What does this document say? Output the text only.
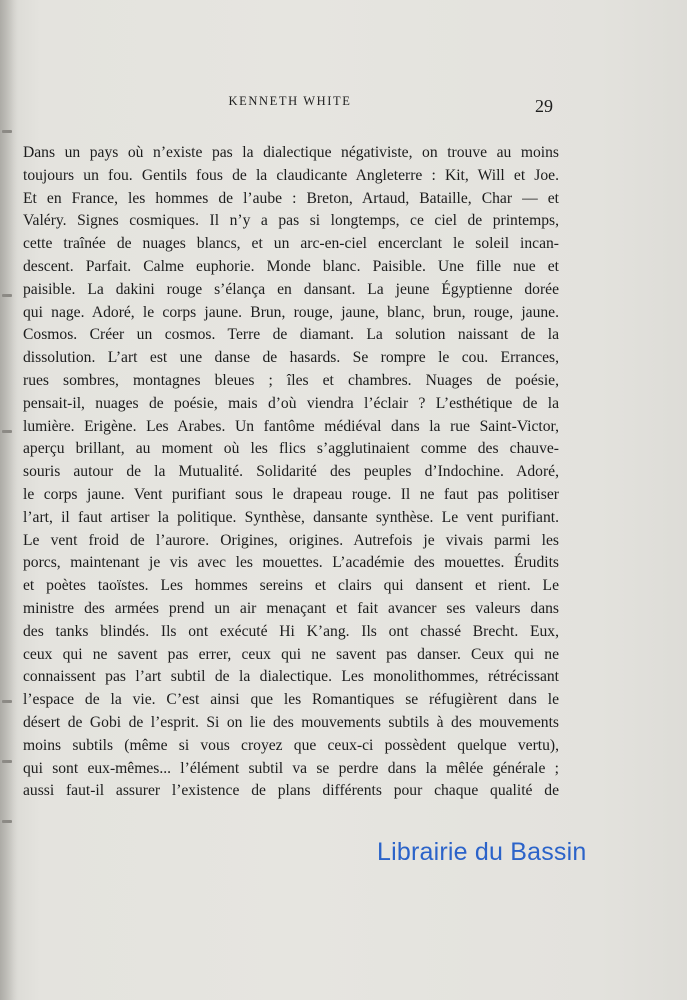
KENNETH WHITE	29
Dans un pays où n’existe pas la dialectique négativiste, on trouve au moins
toujours un fou. Gentils fous de la claudicante Angleterre : Kit, Will et Joe.
Et en France, les hommes de l’aube : Breton, Artaud, Bataille, Char — et
Valéry. Signes cosmiques. Il n’y a pas si longtemps, ce ciel de printemps,
cette traînée de nuages blancs, et un arc-en-ciel encerclant le soleil incan-
descent. Parfait. Calme euphorie. Monde blanc. Paisible. Une fille nue et
paisible. La dakini rouge s’élança en dansant. La jeune Égyptienne dorée
qui nage. Adoré, le corps jaune. Brun, rouge, jaune, blanc, brun, rouge, jaune.
Cosmos. Créer un cosmos. Terre de diamant. La solution naissant de la
dissolution. L’art est une danse de hasards. Se rompre le cou. Errances,
rues sombres, montagnes bleues ; îles et chambres. Nuages de poésie,
pensait-il, nuages de poésie, mais d’où viendra l’éclair ? L’esthétique de la
lumière. Erigène. Les Arabes. Un fantôme médiéval dans la rue Saint-Victor,
aperçu brillant, au moment où les flics s’agglutinaient comme des chauve-
souris autour de la Mutualité. Solidarité des peuples d’Indochine. Adoré,
le corps jaune. Vent purifiant sous le drapeau rouge. Il ne faut pas politiser
l’art, il faut artiser la politique. Synthèse, dansante synthèse. Le vent purifiant.
Le vent froid de l’aurore. Origines, origines. Autrefois je vivais parmi les
porcs, maintenant je vis avec les mouettes. L’académie des mouettes. Érudits
et poètes taoïstes. Les hommes sereins et clairs qui dansent et rient. Le
ministre des armées prend un air menaçant et fait avancer ses valeurs dans
des tanks blindés. Ils ont exécuté Hi K’ang. Ils ont chassé Brecht. Eux,
ceux qui ne savent pas errer, ceux qui ne savent pas danser. Ceux qui ne
connaissent pas l’art subtil de la dialectique. Les monolithommes, rétrécissant
l’espace de la vie. C’est ainsi que les Romantiques se réfugièrent dans le
désert de Gobi de l’esprit. Si on lie des mouvements subtils à des mouvements
moins subtils (même si vous croyez que ceux-ci possèdent quelque vertu),
qui sont eux-mêmes... l’élément subtil va se perdre dans la mêlée générale ;
aussi faut-il assurer l’existence de plans différents pour chaque qualité de
Librairie du Bassin
